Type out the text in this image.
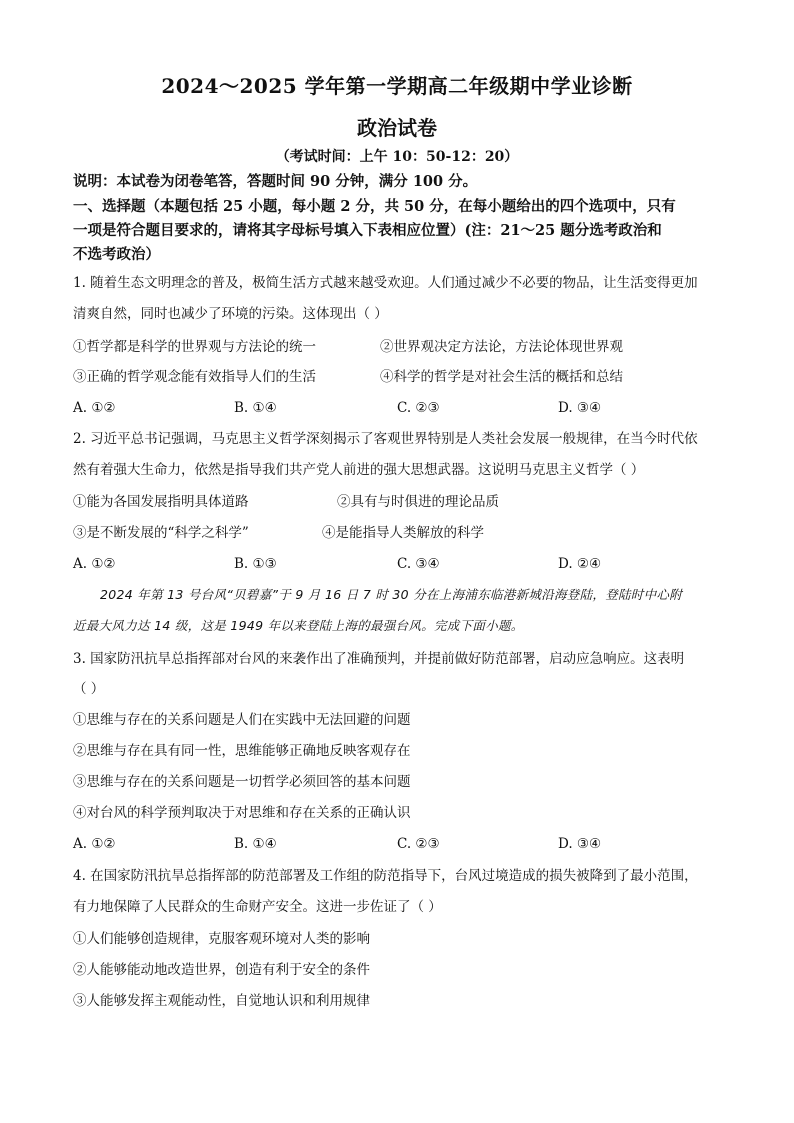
2024～2025 学年第一学期高二年级期中学业诊断
政治试卷
（考试时间：上午 10：50-12：20）
说明：本试卷为闭卷笔答，答题时间 90 分钟，满分 100 分。
一、选择题（本题包括 25 小题，每小题 2 分，共 50 分，在每小题给出的四个选项中，只有
一项是符合题目要求的，请将其字母标号填入下表相应位置）(注：21～25 题分选考政治和
不选考政治）
1. 随着生态文明理念的普及，极简生活方式越来越受欢迎。人们通过减少不必要的物品，让生活变得更加
清爽自然，同时也减少了环境的污染。这体现出（ ）
①哲学都是科学的世界观与方法论的统一	②世界观决定方法论，方法论体现世界观
③正确的哲学观念能有效指导人们的生活	④科学的哲学是对社会生活的概括和总结
A. ①②	B. ①④	C. ②③	D. ③④
2. 习近平总书记强调，马克思主义哲学深刻揭示了客观世界特别是人类社会发展一般规律，在当今时代依
然有着强大生命力，依然是指导我们共产党人前进的强大思想武器。这说明马克思主义哲学（ ）
①能为各国发展指明具体道路	②具有与时俱进的理论品质
③是不断发展的“科学之科学”	④是能指导人类解放的科学
A. ①②	B. ①③	C. ③④	D. ②④
2024 年第 13 号台风“贝碧嘉”于 9 月 16 日 7 时 30 分在上海浦东临港新城沿海登陆，登陆时中心附
近最大风力达 14 级，这是 1949 年以来登陆上海的最强台风。完成下面小题。
3. 国家防汛抗旱总指挥部对台风的来袭作出了准确预判，并提前做好防范部署，启动应急响应。这表明
（ ）
①思维与存在的关系问题是人们在实践中无法回避的问题
②思维与存在具有同一性，思维能够正确地反映客观存在
③思维与存在的关系问题是一切哲学必须回答的基本问题
④对台风的科学预判取决于对思维和存在关系的正确认识
A. ①②	B. ①④	C. ②③	D. ③④
4. 在国家防汛抗旱总指挥部的防范部署及工作组的防范指导下，台风过境造成的损失被降到了最小范围，
有力地保障了人民群众的生命财产安全。这进一步佐证了（ ）
①人们能够创造规律，克服客观环境对人类的影响
②人能够能动地改造世界，创造有利于安全的条件
③人能够发挥主观能动性，自觉地认识和利用规律
